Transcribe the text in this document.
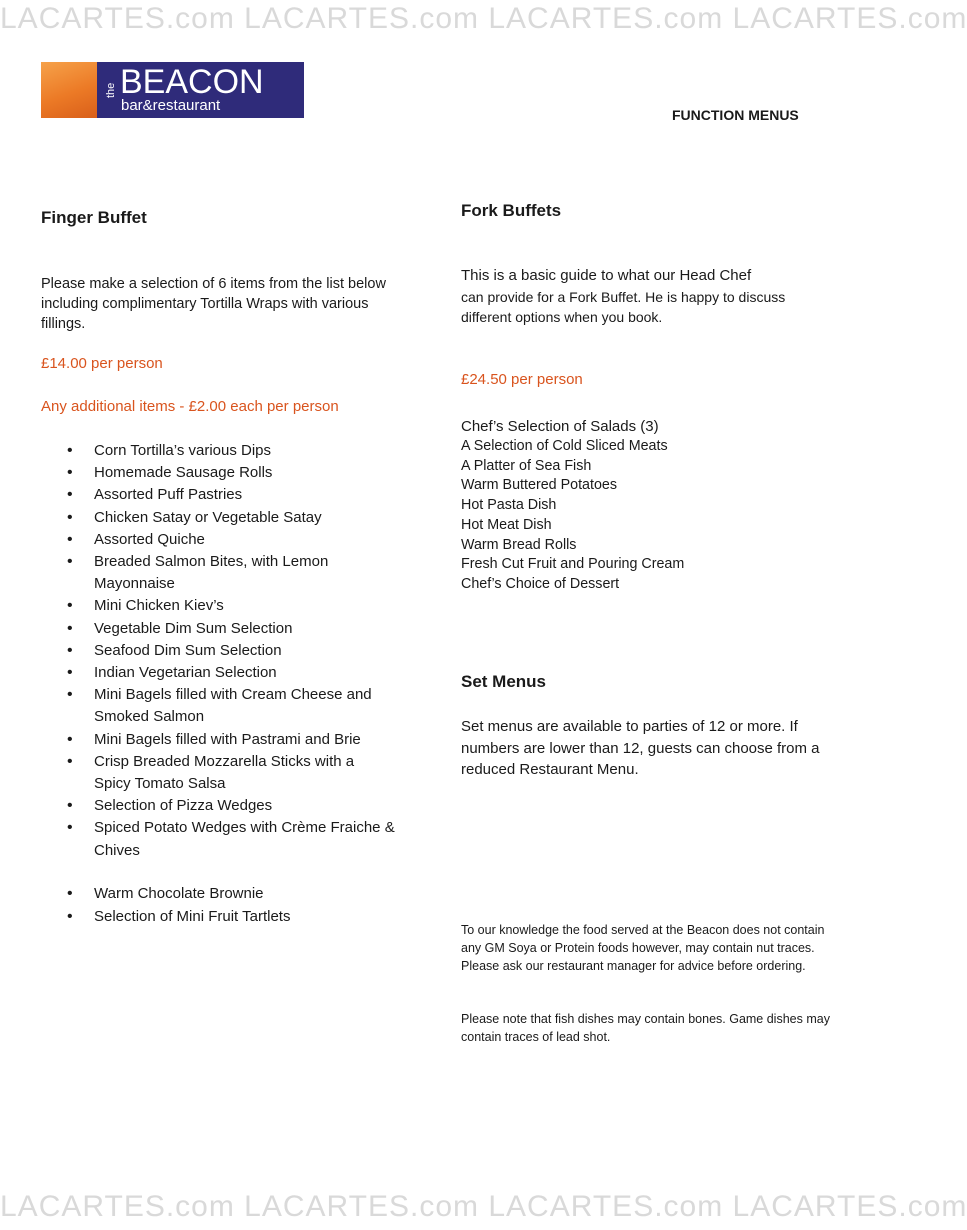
LACARTES.com LACARTES.com LACARTES.com LACARTES.com
the BEACON
bar&restaurant
FUNCTION MENUS
Finger Buffet
Please make a selection of 6 items from the list below including complimentary Tortilla Wraps with various fillings.
£14.00 per person
Any additional items - £2.00 each per person
• Corn Tortilla’s various Dips
• Homemade Sausage Rolls
• Assorted Puff Pastries
• Chicken Satay or Vegetable Satay
• Assorted Quiche
• Breaded Salmon Bites, with Lemon Mayonnaise
• Mini Chicken Kiev’s
• Vegetable Dim Sum Selection
• Seafood Dim Sum Selection
• Indian Vegetarian Selection
• Mini Bagels filled with Cream Cheese and Smoked Salmon
• Mini Bagels filled with Pastrami and Brie
• Crisp Breaded Mozzarella Sticks with a Spicy Tomato Salsa
• Selection of Pizza Wedges
• Spiced Potato Wedges with Crème Fraiche & Chives
• Warm Chocolate Brownie
• Selection of Mini Fruit Tartlets
Fork Buffets
This is a basic guide to what our Head Chef
can provide for a Fork Buffet. He is happy to discuss different options when you book.
£24.50 per person
Chef’s Selection of Salads (3)
A Selection of Cold Sliced Meats
A Platter of Sea Fish
Warm Buttered Potatoes
Hot Pasta Dish
Hot Meat Dish
Warm Bread Rolls
Fresh Cut Fruit and Pouring Cream
Chef’s Choice of Dessert
Set Menus
Set menus are available to parties of 12 or more. If numbers are lower than 12, guests can choose from a reduced Restaurant Menu.
To our knowledge the food served at the Beacon does not contain any GM Soya or Protein foods however, may contain nut traces. Please ask our restaurant manager for advice before ordering.
Please note that fish dishes may contain bones. Game dishes may contain traces of lead shot.
LACARTES.com LACARTES.com LACARTES.com LACARTES.com
